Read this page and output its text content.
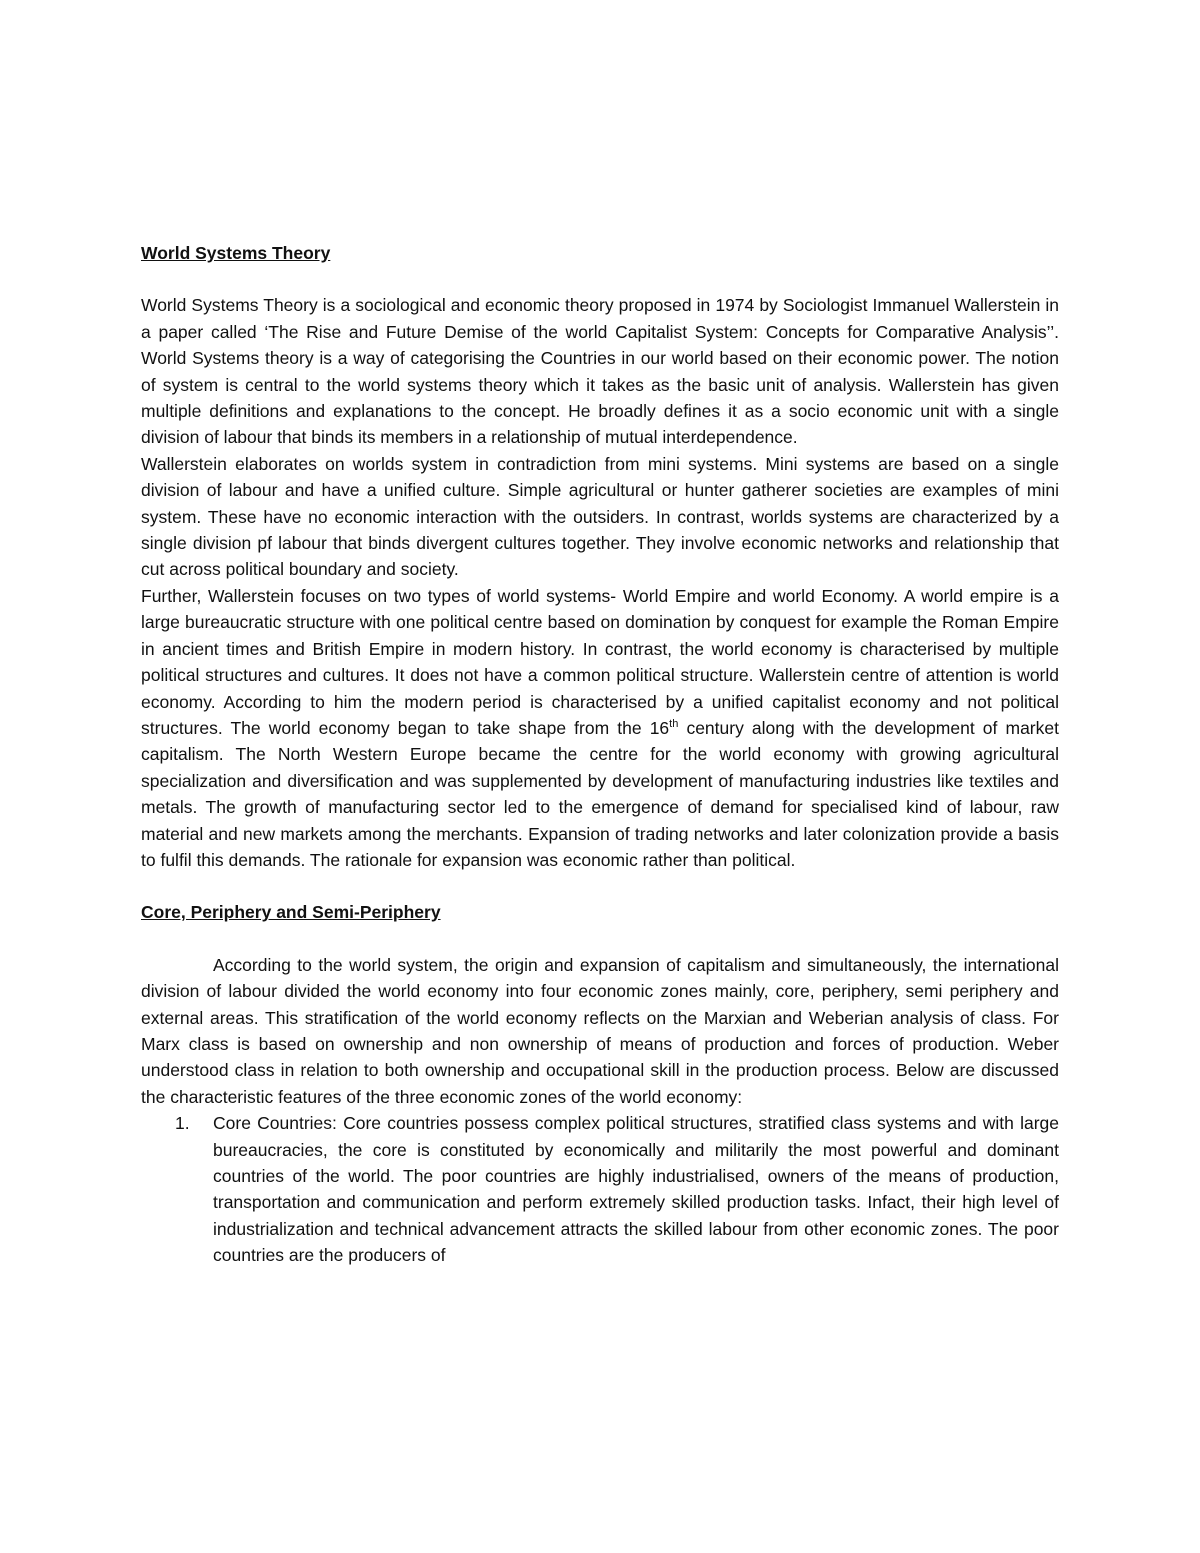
World Systems Theory

World Systems Theory is a sociological and economic theory proposed in 1974 by Sociologist Immanuel Wallerstein in a paper called ‘The Rise and Future Demise of the world Capitalist System: Concepts for Comparative Analysis’’. World Systems theory is a way of categorising the Countries in our world based on their economic power. The notion of system is central to the world systems theory which it takes as the basic unit of analysis. Wallerstein has given multiple definitions and explanations to the concept. He broadly defines it as a socio economic unit with a single division of labour that binds its members in a relationship of mutual interdependence.

Wallerstein elaborates on worlds system in contradiction from mini systems. Mini systems are based on a single division of labour and have a unified culture. Simple agricultural or hunter gatherer societies are examples of mini system. These have no economic interaction with the outsiders. In contrast, worlds systems are characterized by a single division pf labour that binds divergent cultures together. They involve economic networks and relationship that cut across political boundary and society.

Further, Wallerstein focuses on two types of world systems- World Empire and world Economy. A world empire is a large bureaucratic structure with one political centre based on domination by conquest for example the Roman Empire in ancient times and British Empire in modern history. In contrast, the world economy is characterised by multiple political structures and cultures. It does not have a common political structure. Wallerstein centre of attention is world economy. According to him the modern period is characterised by a unified capitalist economy and not political structures. The world economy began to take shape from the 16th century along with the development of market capitalism. The North Western Europe became the centre for the world economy with growing agricultural specialization and diversification and was supplemented by development of manufacturing industries like textiles and metals. The growth of manufacturing sector led to the emergence of demand for specialised kind of labour, raw material and new markets among the merchants. Expansion of trading networks and later colonization provide a basis to fulfil this demands. The rationale for expansion was economic rather than political.

Core, Periphery and Semi-Periphery

According to the world system, the origin and expansion of capitalism and simultaneously, the international division of labour divided the world economy into four economic zones mainly, core, periphery, semi periphery and external areas. This stratification of the world economy reflects on the Marxian and Weberian analysis of class. For Marx class is based on ownership and non ownership of means of production and forces of production. Weber understood class in relation to both ownership and occupational skill in the production process. Below are discussed the characteristic features of the three economic zones of the world economy:

1. Core Countries: Core countries possess complex political structures, stratified class systems and with large bureaucracies, the core is constituted by economically and militarily the most powerful and dominant countries of the world. The poor countries are highly industrialised, owners of the means of production, transportation and communication and perform extremely skilled production tasks. Infact, their high level of industrialization and technical advancement attracts the skilled labour from other economic zones. The poor countries are the producers of
